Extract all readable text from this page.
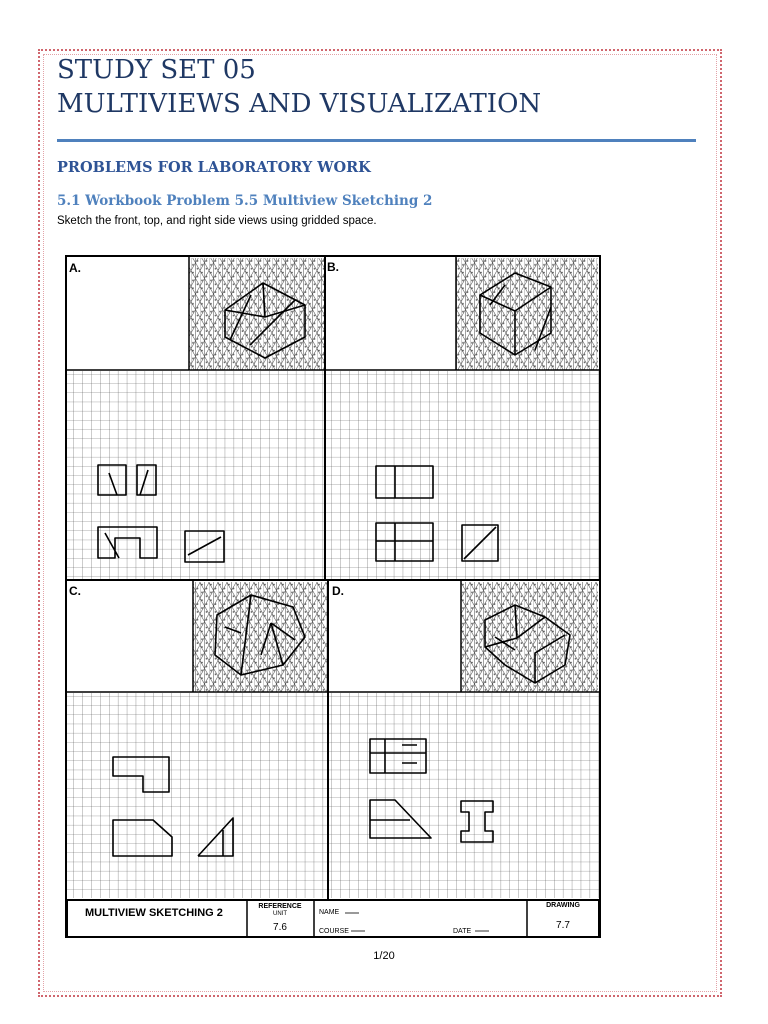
STUDY SET 05
MULTIVIEWS AND VISUALIZATION
PROBLEMS FOR LABORATORY WORK
5.1 Workbook Problem 5.5 Multiview Sketching 2
Sketch the front, top, and right side views using gridded space.
A.	B.
C.	D.
MULTIVIEW SKETCHING 2
REFERENCE
UNIT
7.6
NAME
COURSE	DATE
DRAWING
7.7
1/20
